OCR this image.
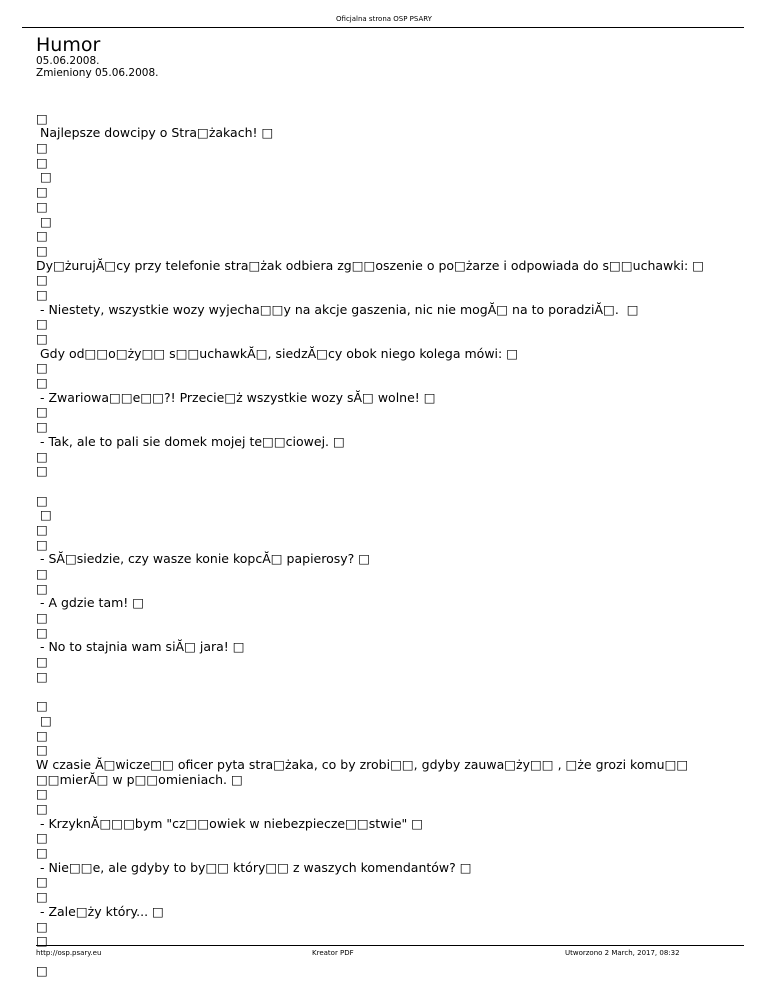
Oficjalna strona OSP PSARY
Humor
05.06.2008.
Zmieniony 05.06.2008.
□
Najlepsze dowcipy o Stra□żakach! □
□
□
□
□
□
□
□
□
Dy□żurujĂ□cy przy telefonie stra□żak odbiera zg□□oszenie o po□żarze i odpowiada do s□□uchawki: □
□
□
- Niestety, wszystkie wozy wyjecha□□y na akcje gaszenia, nic nie mogĂ□ na to poradziĂ□.  □
□
□
Gdy od□□o□ży□□ s□□uchawkĂ□, siedzĂ□cy obok niego kolega mówi: □
□
□
- Zwariowa□□e□□?! Przecie□ż wszystkie wozy sĂ□ wolne! □
□
□
- Tak, ale to pali sie domek mojej te□□ciowej. □
□
□
□
□
□
□
- SĂ□siedzie, czy wasze konie kopcĂ□ papierosy? □
□
□
- A gdzie tam! □
□
□
- No to stajnia wam siĂ□ jara! □
□
□
□
□
□
□
W czasie Ă□wicze□□ oficer pyta stra□żaka, co by zrobi□□, gdyby zauwa□ży□□ , □że grozi komu□□ □□mierĂ□ w p□□omieniach. □
□
□
- KrzyknĂ□□□bym "cz□□owiek w niebezpiecze□□stwie" □
□
□
- Nie□□e, ale gdyby to by□□ który□□ z waszych komendantów? □
□
□
- Zale□ży który... □
□
□
□
http://osp.psary.eu	Kreator PDF	Utworzono 2 March, 2017, 08:32
